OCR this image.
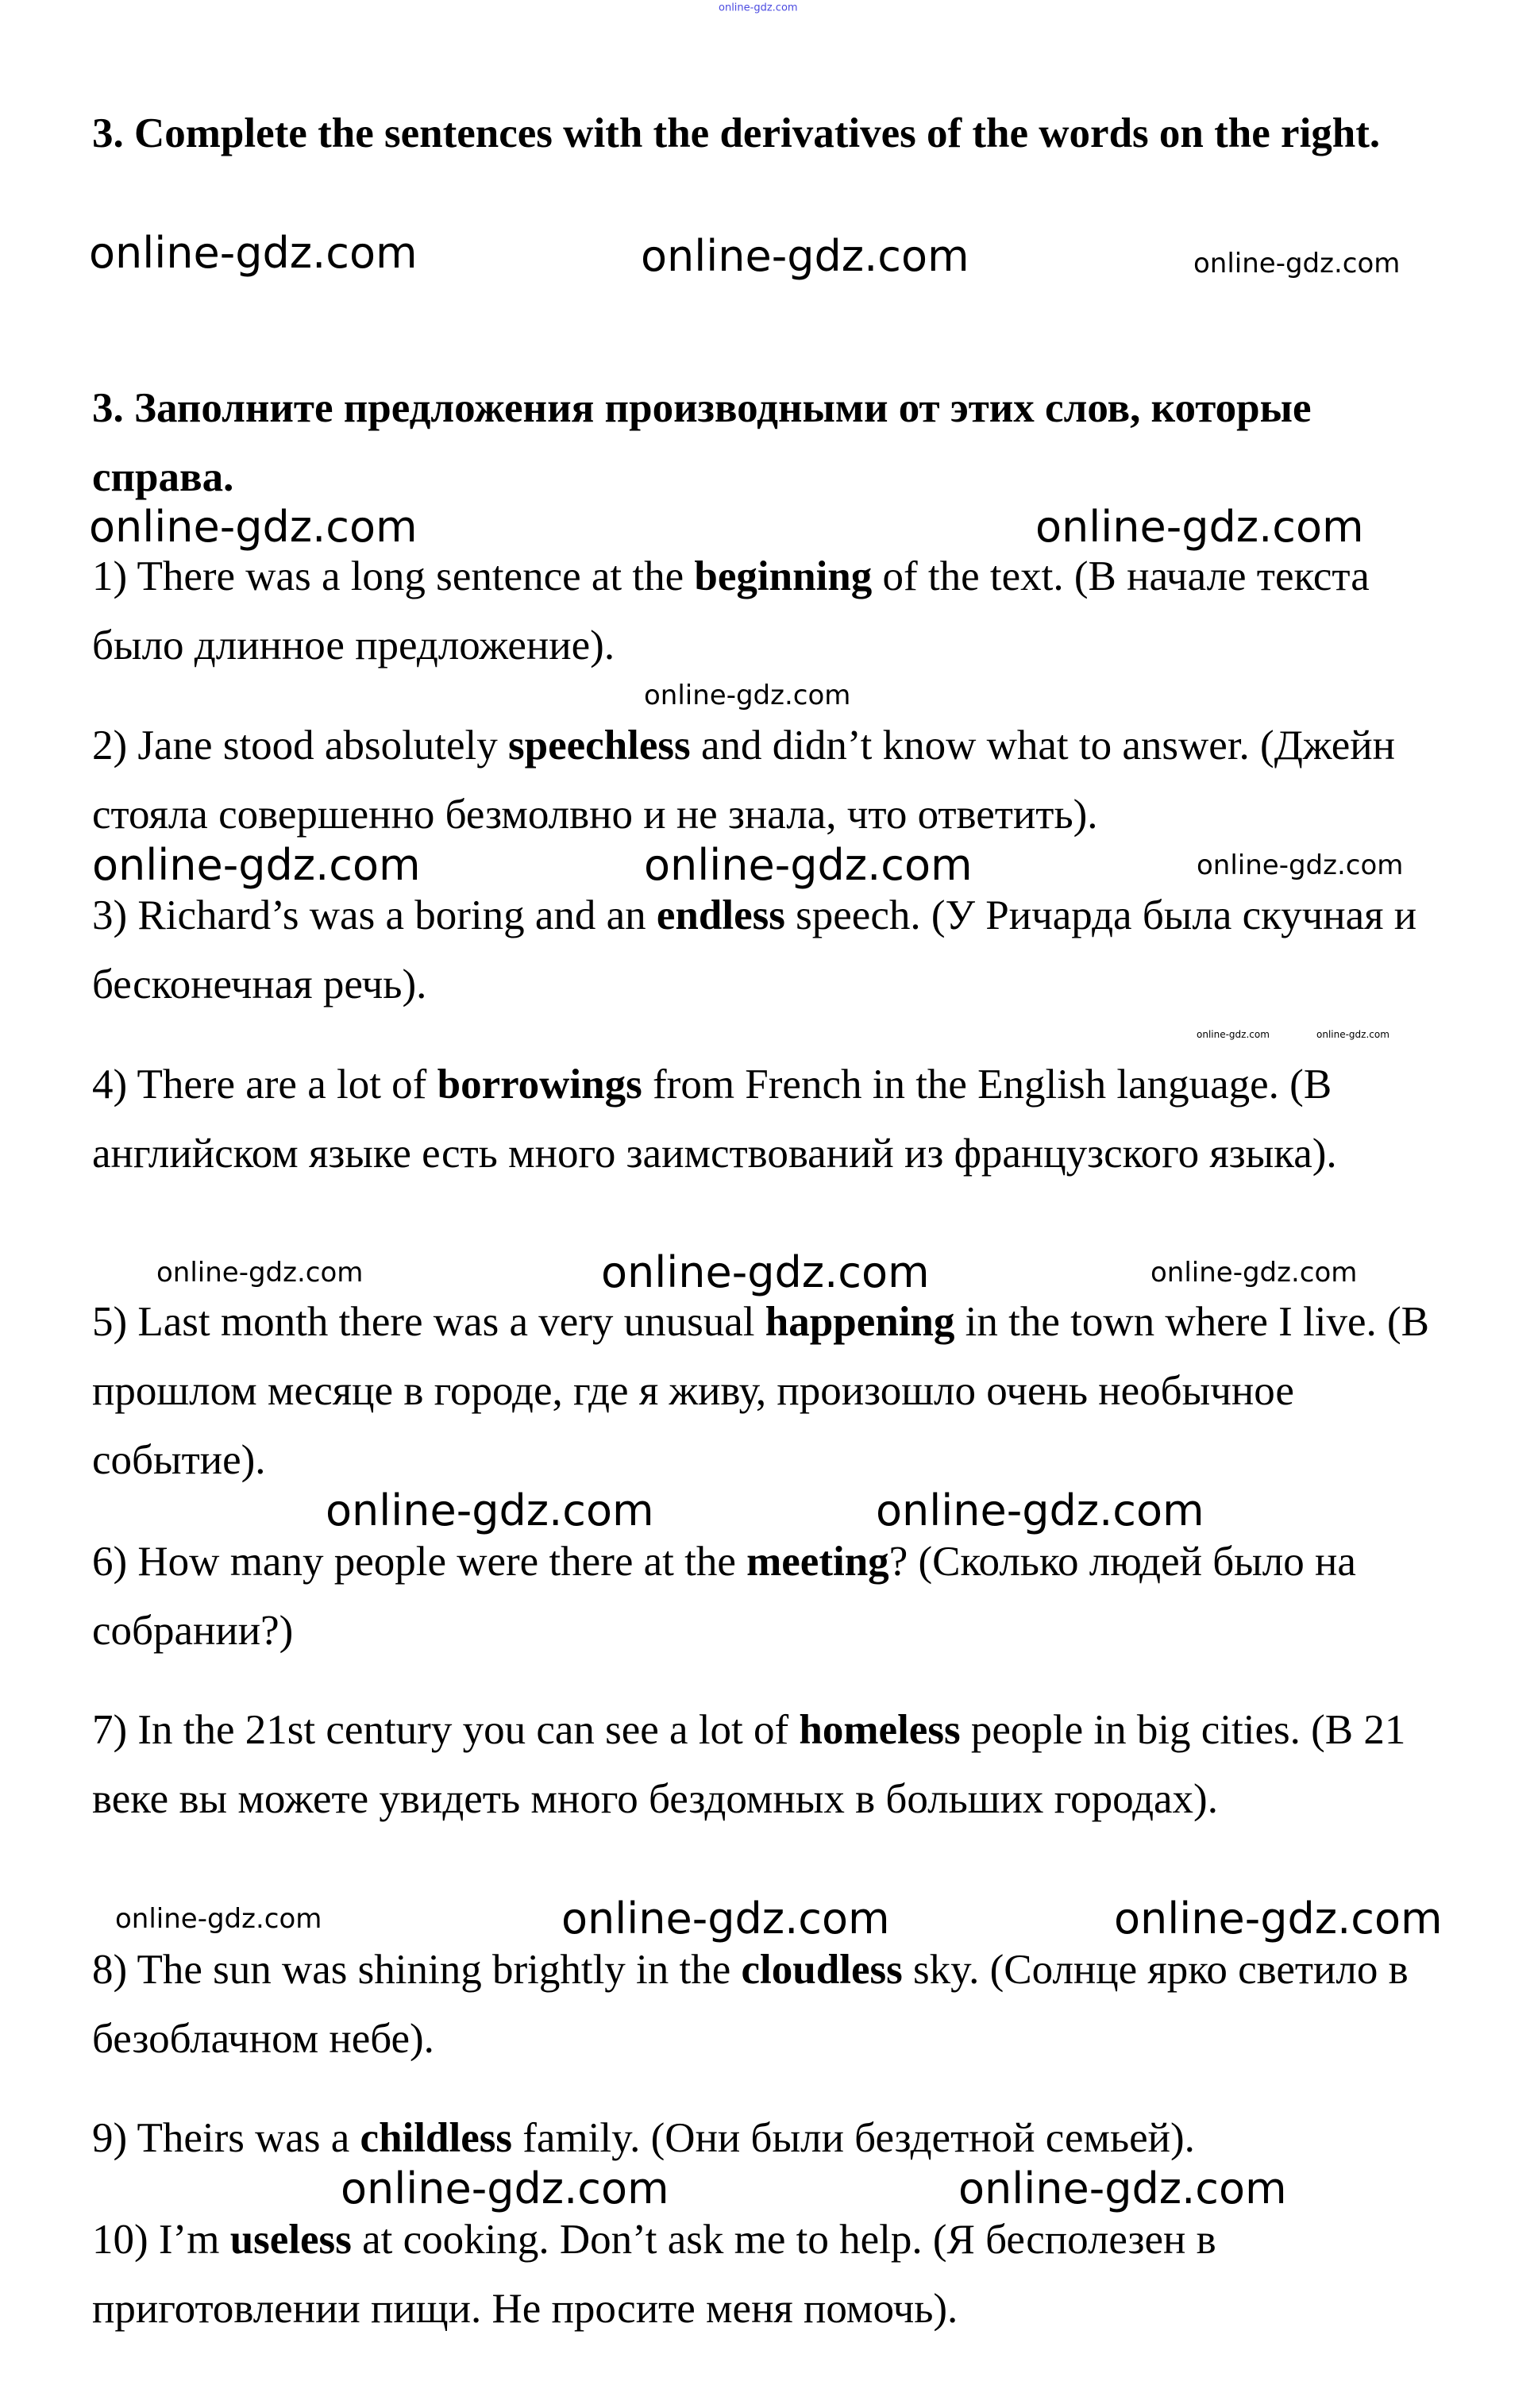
3. Complete the sentences with the derivatives of the words on the right.
3. Заполните предложения производными от этих слов, которые справа.
1) There was a long sentence at the beginning of the text. (В начале текста было длинное предложение).
2) Jane stood absolutely speechless and didn’t know what to answer. (Джейн стояла совершенно безмолвно и не знала, что ответить).
3) Richard’s was a boring and an endless speech. (У Ричарда была скучная и бесконечная речь).
4) There are a lot of borrowings from French in the English language. (В английском языке есть много заимствований из французского языка).
5) Last month there was a very unusual happening in the town where I live. (В прошлом месяце в городе, где я живу, произошло очень необычное событие).
6) How many people were there at the meeting? (Сколько людей было на собрании?)
7) In the 21st century you can see a lot of homeless people in big cities. (В 21 веке вы можете увидеть много бездомных в больших городах).
8) The sun was shining brightly in the cloudless sky. (Солнце ярко светило в безоблачном небе).
9) Theirs was a childless family. (Они были бездетной семьей).
10) I’m useless at cooking. Don’t ask me to help. (Я бесполезен в приготовлении пищи. Не просите меня помочь).
online-gdz.com
online-gdz.com	online-gdz.com	online-gdz.com
online-gdz.com	online-gdz.com
online-gdz.com
online-gdz.com	online-gdz.com	online-gdz.com
online-gdz.com	online-gdz.com
online-gdz.com	online-gdz.com
online-gdz.com
online-gdz.com	online-gdz.com
online-gdz.com	online-gdz.com	online-gdz.com
online-gdz.com	online-gdz.com
